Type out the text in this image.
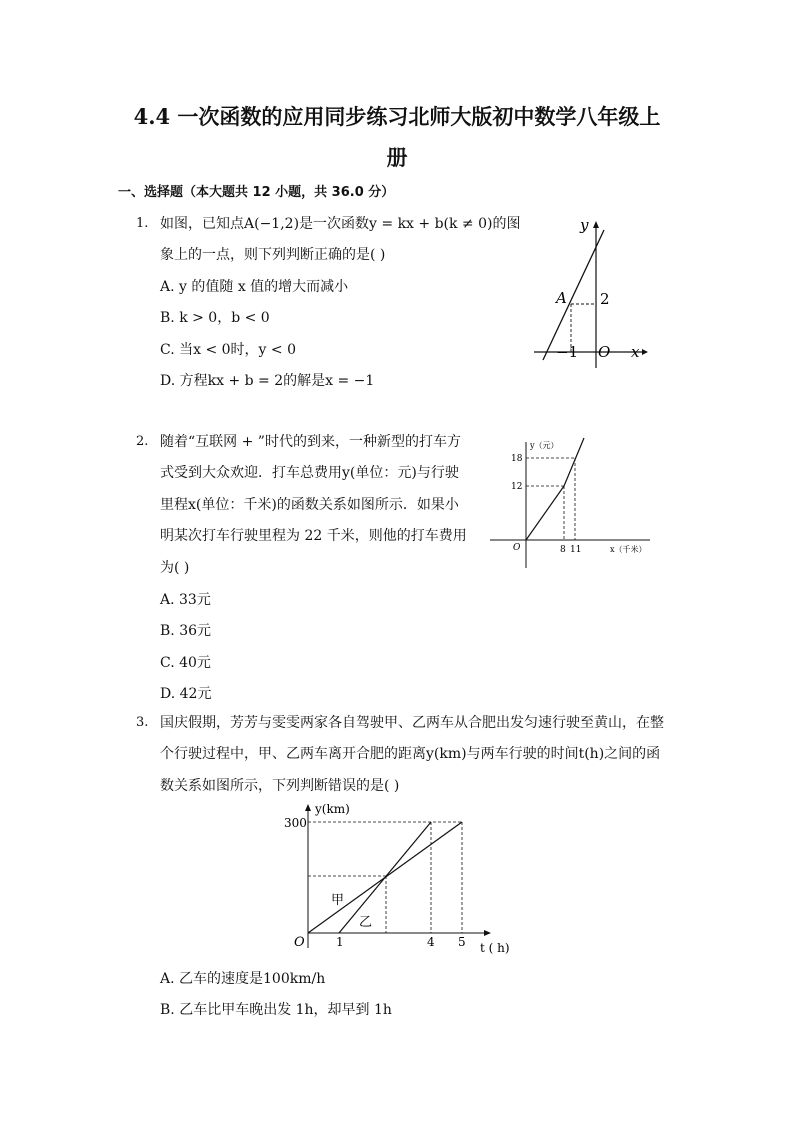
4.4 一次函数的应用同步练习北师大版初中数学八年级上
册
一、选择题（本大题共 12 小题，共 36.0 分）
1. 如图，已知点A(−1,2)是一次函数y = kx + b(k ≠ 0)的图
象上的一点，则下列判断正确的是( )
A. y 的值随 x 值的增大而减小
B. k > 0，b < 0
C. 当x < 0时，y < 0
D. 方程kx + b = 2的解是x = −1
y
x
A 2
−1 O
2. 随着“互联网 + ”时代的到来，一种新型的打车方
式受到大众欢迎．打车总费用y(单位：元)与行驶
里程x(单位：千米)的函数关系如图所示．如果小
明某次打车行驶里程为 22 千米，则他的打车费用
为( )
A. 33元
B. 36元
C. 40元
D. 42元
y（元）
x（千米）
O
18
12
8 11
3. 国庆假期，芳芳与雯雯两家各自驾驶甲、乙两车从合肥出发匀速行驶至黄山，在整
个行驶过程中，甲、乙两车离开合肥的距离y(km)与两车行驶的时间t(h)之间的函
数关系如图所示，下列判断错误的是( )
y(km)
t ( h)
O
300
1	4 5
甲
乙
A. 乙车的速度是100km/h
B. 乙车比甲车晚出发 1h，却早到 1h
